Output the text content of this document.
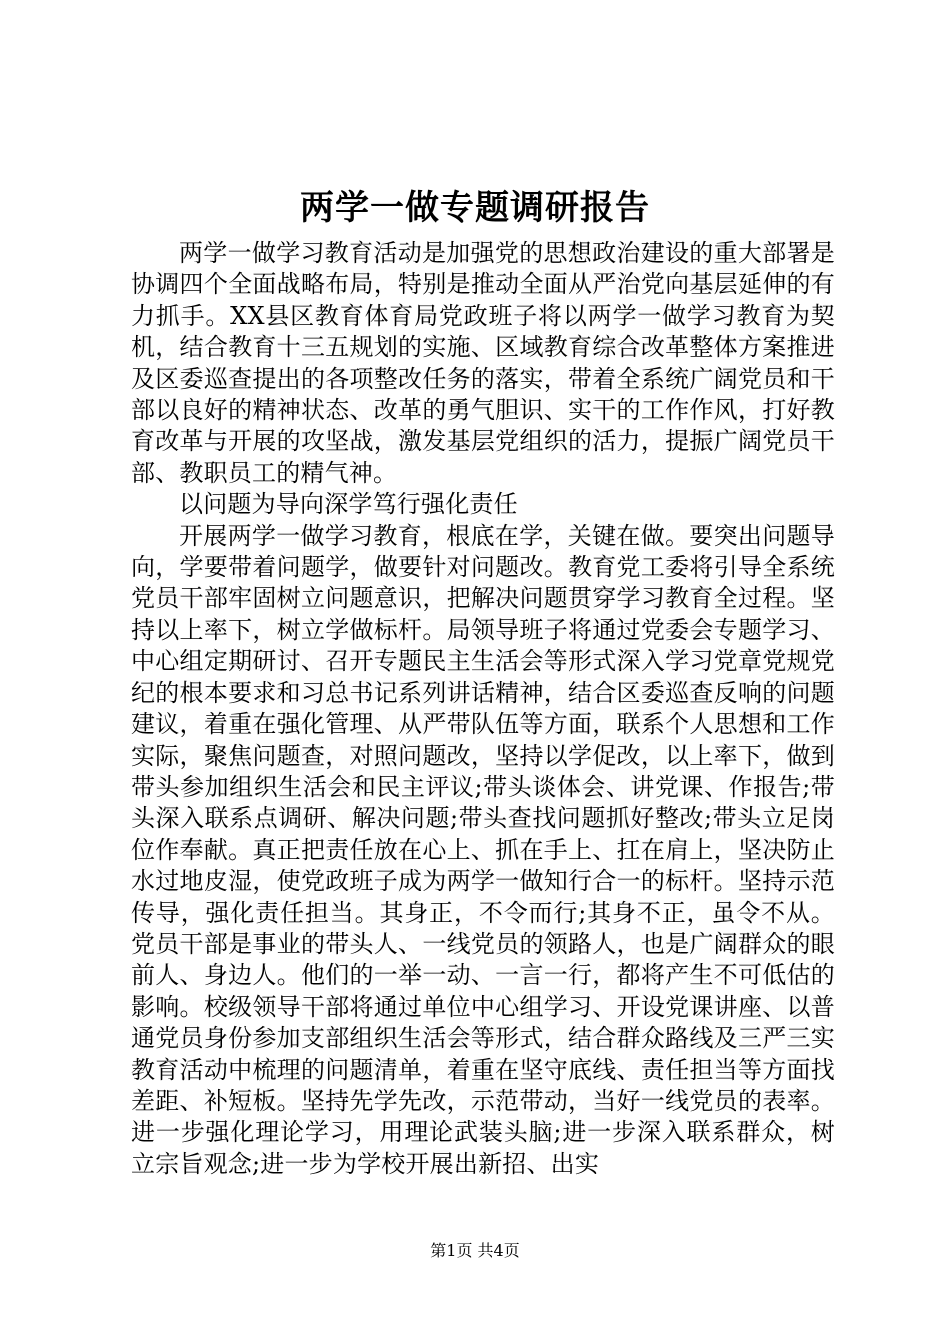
两学一做专题调研报告

两学一做学习教育活动是加强党的思想政治建设的重大部署是协调四个全面战略布局，特别是推动全面从严治党向基层延伸的有力抓手。XX县区教育体育局党政班子将以两学一做学习教育为契机，结合教育十三五规划的实施、区域教育综合改革整体方案推进及区委巡查提出的各项整改任务的落实，带着全系统广阔党员和干部以良好的精神状态、改革的勇气胆识、实干的工作作风，打好教育改革与开展的攻坚战，激发基层党组织的活力，提振广阔党员干部、教职员工的精气神。

以问题为导向深学笃行强化责任

开展两学一做学习教育，根底在学，关键在做。要突出问题导向，学要带着问题学，做要针对问题改。教育党工委将引导全系统党员干部牢固树立问题意识，把解决问题贯穿学习教育全过程。坚持以上率下，树立学做标杆。局领导班子将通过党委会专题学习、中心组定期研讨、召开专题民主生活会等形式深入学习党章党规党纪的根本要求和习总书记系列讲话精神，结合区委巡查反响的问题建议，着重在强化管理、从严带队伍等方面，联系个人思想和工作实际，聚焦问题查，对照问题改，坚持以学促改，以上率下，做到带头参加组织生活会和民主评议;带头谈体会、讲党课、作报告;带头深入联系点调研、解决问题;带头查找问题抓好整改;带头立足岗位作奉献。真正把责任放在心上、抓在手上、扛在肩上，坚决防止水过地皮湿，使党政班子成为两学一做知行合一的标杆。坚持示范传导，强化责任担当。其身正，不令而行;其身不正，虽令不从。党员干部是事业的带头人、一线党员的领路人，也是广阔群众的眼前人、身边人。他们的一举一动、一言一行，都将产生不可低估的影响。校级领导干部将通过单位中心组学习、开设党课讲座、以普通党员身份参加支部组织生活会等形式，结合群众路线及三严三实教育活动中梳理的问题清单，着重在坚守底线、责任担当等方面找差距、补短板。坚持先学先改，示范带动，当好一线党员的表率。进一步强化理论学习，用理论武装头脑;进一步深入联系群众，树立宗旨观念;进一步为学校开展出新招、出实

第1页 共4页
